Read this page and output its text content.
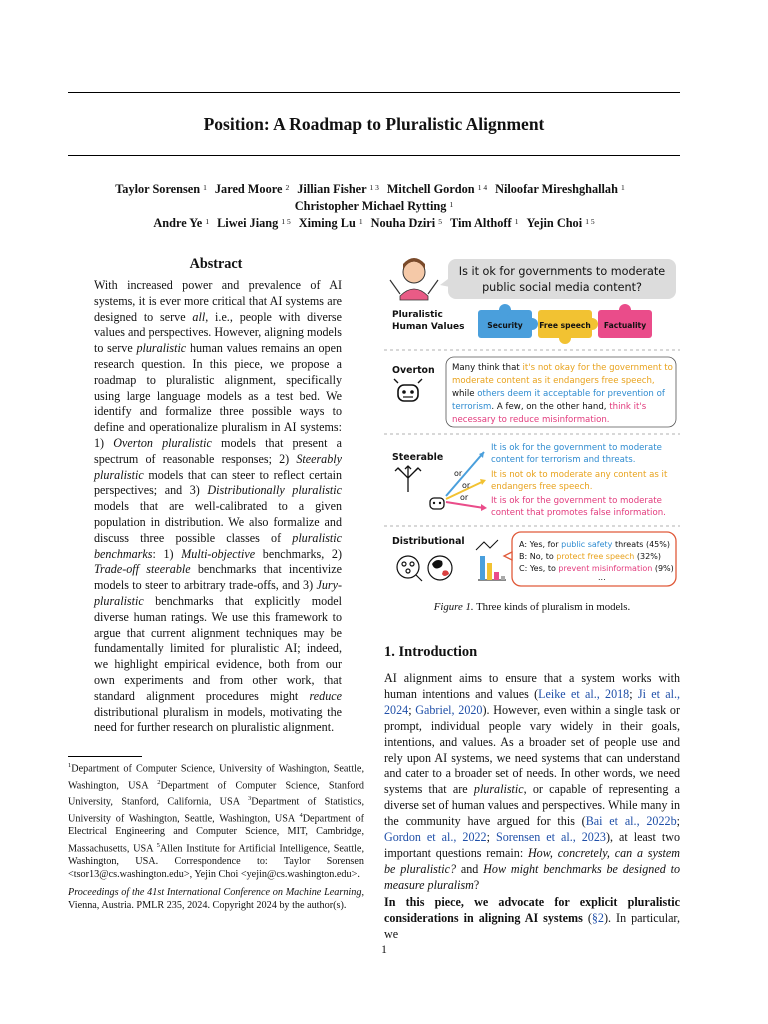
Position: A Roadmap to Pluralistic Alignment
Taylor Sorensen $^1$ Jared Moore $^2$ Jillian Fisher $^{1 3}$ Mitchell Gordon $^{1 4}$ Niloofar Mireshghallah $^1$Christopher Michael Rytting $^1$
Andre Ye $^1$ Liwei Jiang $^{1 5}$ Ximing Lu $^1$ Nouha Dziri $^5$ Tim Althoff $^1$ Yejin Choi $^{1 5}$

Abstract
With increased power and prevalence of AI systems, it is ever more critical that AI systems are designed to serve all, i.e., people with diverse values and perspectives. However, aligning models to serve pluralistic human values remains an open research question. In this piece, we propose a roadmap to pluralistic alignment, specifically using large language models as a test bed. We identify and formalize three possible ways to define and operationalize pluralism in AI systems: 1) Overton pluralistic models that present a spectrum of reasonable responses; 2) Steerably pluralistic models that can steer to reflect certain perspectives; and 3) Distributionally pluralistic models that are well-calibrated to a given population in distribution. We also formalize and discuss three possible classes of pluralistic benchmarks: 1) Multi-objective benchmarks, 2) Trade-off steerable benchmarks that incentivize models to steer to arbitrary trade-offs, and 3) Jury-pluralistic benchmarks that explicitly model diverse human ratings. We use this framework to argue that current alignment techniques may be fundamentally limited for pluralistic AI; indeed, we highlight empirical evidence, both from our own experiments and from other work, that standard alignment procedures might reduce distributional pluralism in models, motivating the need for further research on pluralistic alignment.
$^1$Department of Computer Science, University of Washington, Seattle, Washington, USA $^2$Department of Computer Science, Stanford University, Stanford, California, USA $^3$Department of Statistics, University of Washington, Seattle, Washington, USA $^4$Department of Electrical Engineering and Computer Science, MIT, Cambridge, Massachusetts, USA $^5$Allen Institute for Artificial Intelligence, Seattle, Washington, USA. Correspondence to: Taylor Sorensen <tsor13@cs.washington.edu>, Yejin Choi <yejin@cs.washington.edu>.
Proceedings of the 41st International Conference on Machine Learning, Vienna, Austria. PMLR 235, 2024. Copyright 2024 by the author(s).
Is it ok for governments to moderate
public social media content?
Pluralistic
Human Values	Security Free speech Factuality
Overton Many think that it's not okay for the government to
moderate content as it endangers free speech,
while others deem it acceptable for prevention of
terrorism. A few, on the other hand, think it's
necessary to reduce misinformation.
Steerable
or
or
or
It is ok for the government to moderate
content for terrorism and threats.
It is not ok to moderate any content as it
endangers free speech.
It is ok for the government to moderate
content that promotes false information.
Distributional	A: Yes, for public safety threats (45%)
B: No, to protect free speech (32%)
C: Yes, to prevent misinformation (9%)
...
Figure 1. Three kinds of pluralism in models.
1. Introduction
AI alignment aims to ensure that a system works with human intentions and values (Leike et al., 2018; Ji et al., 2024; Gabriel, 2020). However, even within a single task or prompt, individual people vary widely in their goals, intentions, and values. As a broader set of people use and rely upon AI systems, we need systems that can understand and cater to a broader set of needs. In other words, we need systems that are pluralistic, or capable of representing a diverse set of human values and perspectives. While many in the community have argued for this (Bai et al., 2022b; Gordon et al., 2022; Sorensen et al., 2023), at least two important questions remain: How, concretely, can a system be pluralistic? and How might benchmarks be designed to measure pluralism?
In this piece, we advocate for explicit pluralistic considerations in aligning AI systems (§2). In particular, we
1
